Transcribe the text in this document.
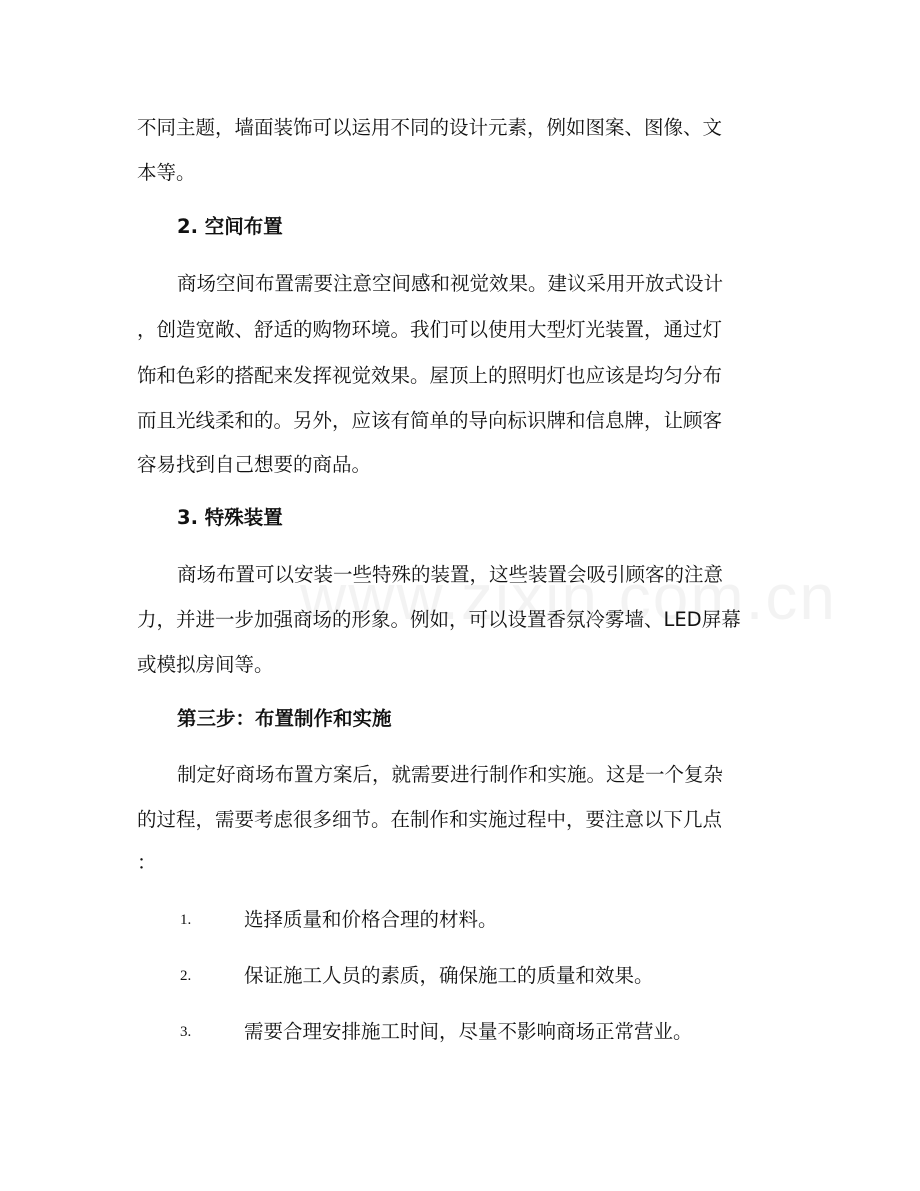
不同主题，墙面装饰可以运用不同的设计元素，例如图案、图像、文
本等。
2. 空间布置
商场空间布置需要注意空间感和视觉效果。建议采用开放式设计
，创造宽敞、舒适的购物环境。我们可以使用大型灯光装置，通过灯
饰和色彩的搭配来发挥视觉效果。屋顶上的照明灯也应该是均匀分布
而且光线柔和的。另外，应该有简单的导向标识牌和信息牌，让顾客
容易找到自己想要的商品。
3. 特殊装置
商场布置可以安装一些特殊的装置，这些装置会吸引顾客的注意
力，并进一步加强商场的形象。例如，可以设置香氛冷雾墙、LED屏幕
或模拟房间等。
第三步：布置制作和实施
制定好商场布置方案后，就需要进行制作和实施。这是一个复杂
的过程，需要考虑很多细节。在制作和实施过程中，要注意以下几点
：
1.	选择质量和价格合理的材料。
2.	保证施工人员的素质，确保施工的质量和效果。
3.	需要合理安排施工时间，尽量不影响商场正常营业。
